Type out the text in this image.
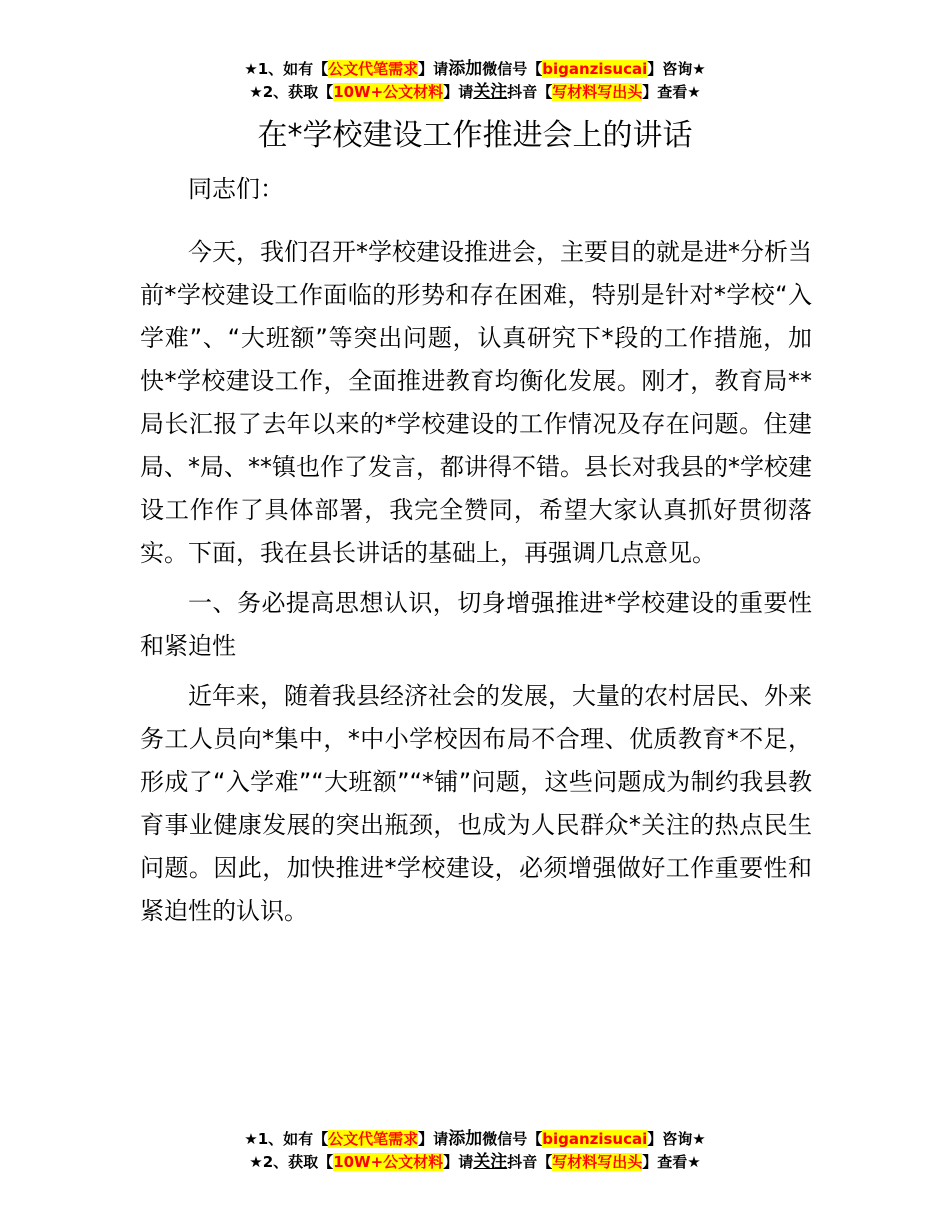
★1、如有【公文代笔需求】请添加微信号【biganzisucai】咨询★
★2、获取【10W+公文材料】请关注抖音【写材料写出头】查看★
在*学校建设工作推进会上的讲话

同志们：

今天，我们召开*学校建设推进会，主要目的就是进*分析当前*学校建设工作面临的形势和存在困难，特别是针对*学校“入学难”、“大班额”等突出问题，认真研究下*段的工作措施，加快*学校建设工作，全面推进教育均衡化发展。刚才，教育局**局长汇报了去年以来的*学校建设的工作情况及存在问题。住建局、*局、**镇也作了发言，都讲得不错。县长对我县的*学校建设工作作了具体部署，我完全赞同，希望大家认真抓好贯彻落实。下面，我在县长讲话的基础上，再强调几点意见。

一、务必提高思想认识，切身增强推进*学校建设的重要性和紧迫性

近年来，随着我县经济社会的发展，大量的农村居民、外来务工人员向*集中，*中小学校因布局不合理、优质教育*不足，形成了“入学难”“大班额”“*铺”问题，这些问题成为制约我县教育事业健康发展的突出瓶颈，也成为人民群众*关注的热点民生问题。因此，加快推进*学校建设，必须增强做好工作重要性和紧迫性的认识。

★1、如有【公文代笔需求】请添加微信号【biganzisucai】咨询★
★2、获取【10W+公文材料】请关注抖音【写材料写出头】查看★
